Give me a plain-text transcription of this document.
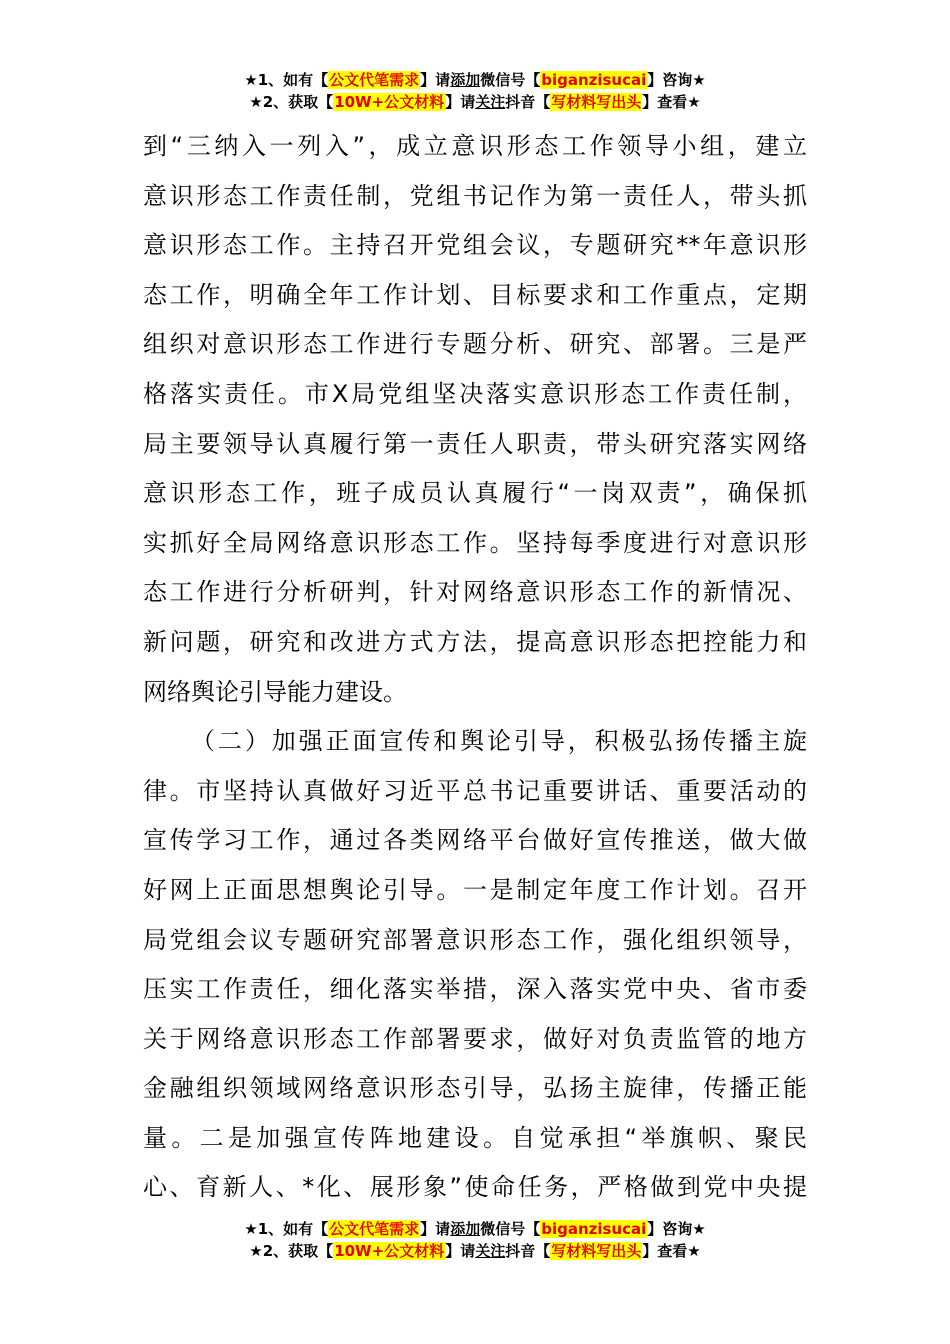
★1、如有【公文代笔需求】请添加微信号【biganzisucai】咨询★
★2、获取【10W+公文材料】请关注抖音【写材料写出头】查看★

到“三纳入一列入”，成立意识形态工作领导小组，建立
意识形态工作责任制，党组书记作为第一责任人，带头抓
意识形态工作。主持召开党组会议，专题研究**年意识形
态工作，明确全年工作计划、目标要求和工作重点，定期
组织对意识形态工作进行专题分析、研究、部署。三是严
格落实责任。市X局党组坚决落实意识形态工作责任制，
局主要领导认真履行第一责任人职责，带头研究落实网络
意识形态工作，班子成员认真履行“一岗双责”，确保抓
实抓好全局网络意识形态工作。坚持每季度进行对意识形
态工作进行分析研判，针对网络意识形态工作的新情况、
新问题，研究和改进方式方法，提高意识形态把控能力和
网络舆论引导能力建设。

（二）加强正面宣传和舆论引导，积极弘扬传播主旋
律。市坚持认真做好习近平总书记重要讲话、重要活动的
宣传学习工作，通过各类网络平台做好宣传推送，做大做
好网上正面思想舆论引导。一是制定年度工作计划。召开
局党组会议专题研究部署意识形态工作，强化组织领导，
压实工作责任，细化落实举措，深入落实党中央、省市委
关于网络意识形态工作部署要求，做好对负责监管的地方
金融组织领域网络意识形态引导，弘扬主旋律，传播正能
量。二是加强宣传阵地建设。自觉承担“举旗帜、聚民
心、育新人、*化、展形象”使命任务，严格做到党中央提

★1、如有【公文代笔需求】请添加微信号【biganzisucai】咨询★
★2、获取【10W+公文材料】请关注抖音【写材料写出头】查看★
